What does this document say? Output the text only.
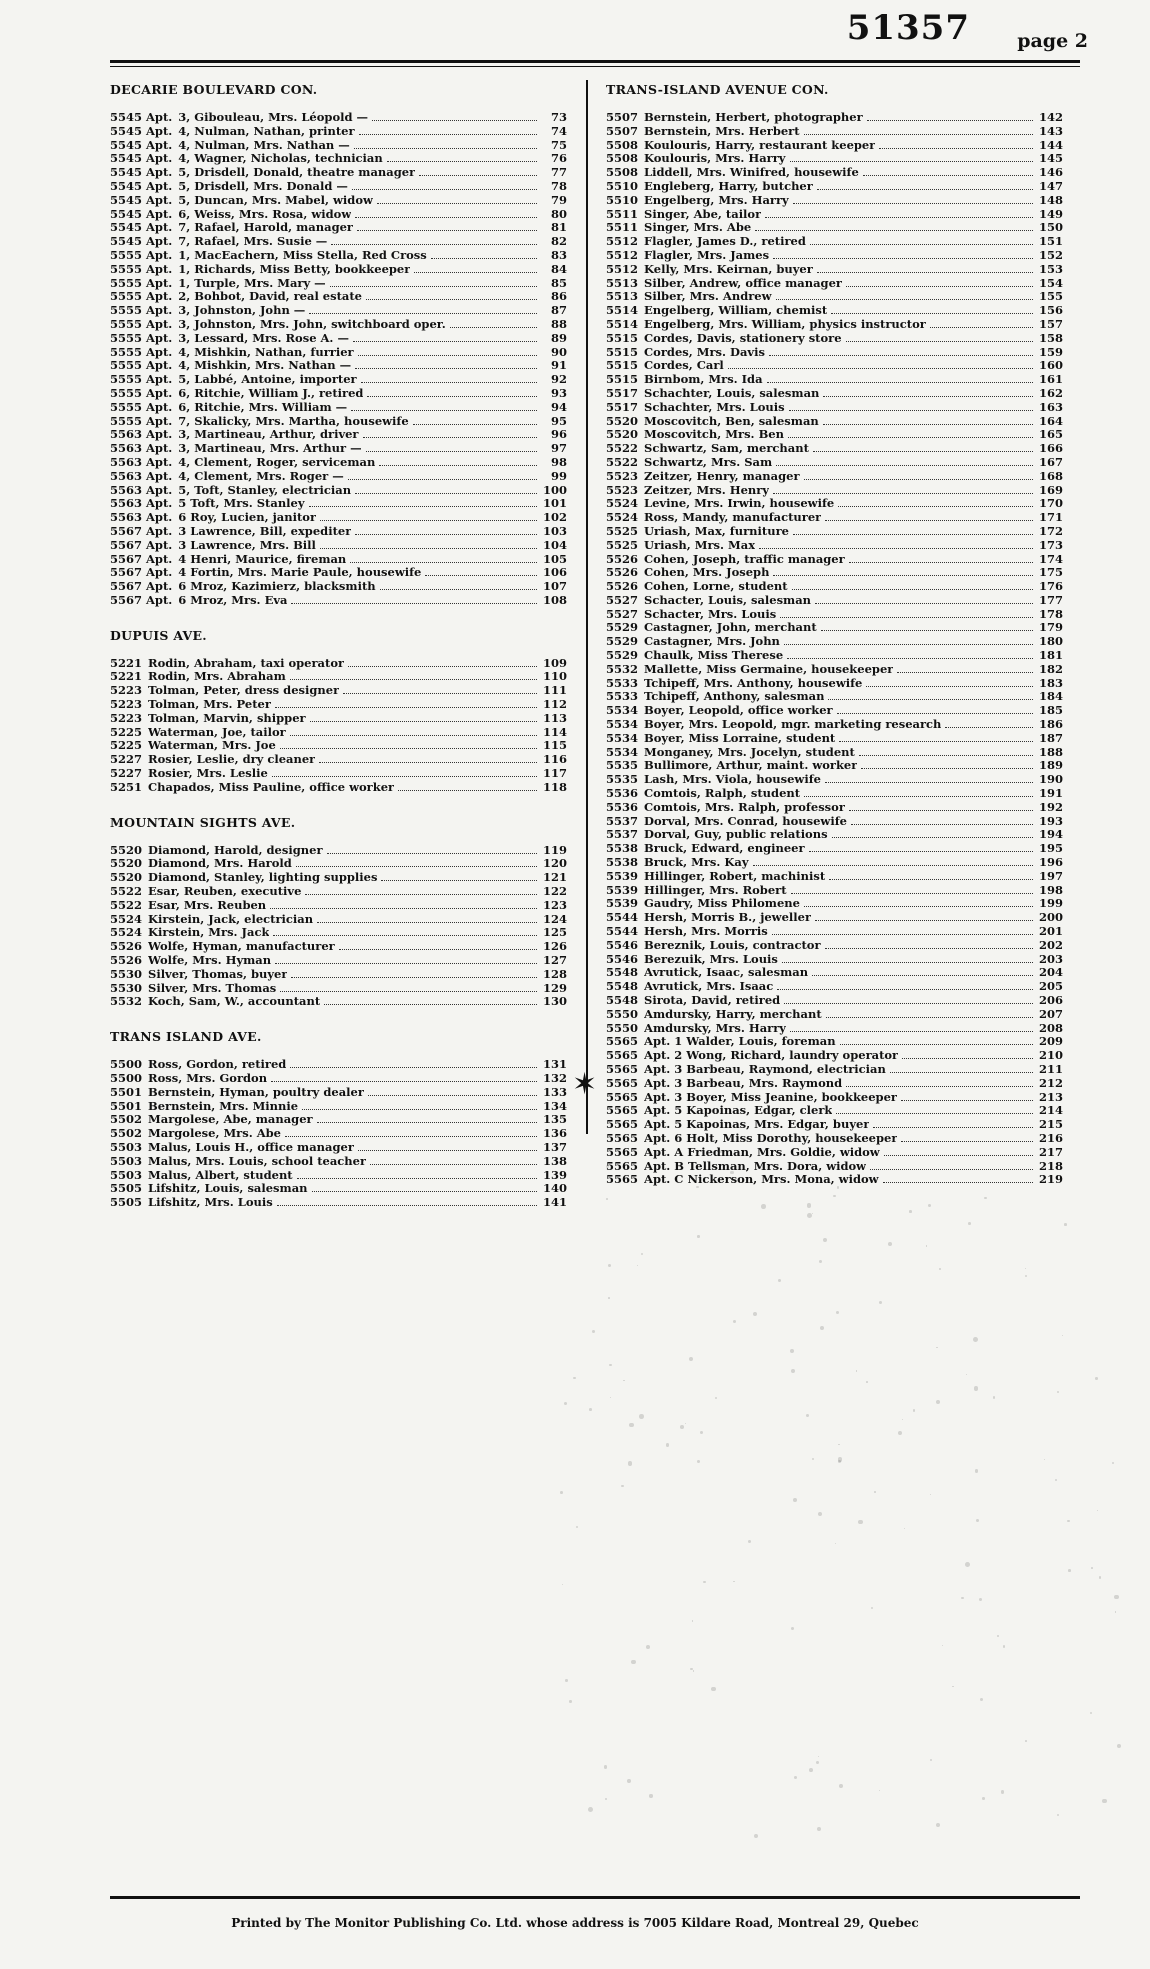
51357 page 2
DECARIE BOULEVARD CON.
5545 Apt. 3, Gibouleau, Mrs. Léopold —	73
5545 Apt. 4, Nulman, Nathan, printer	74
5545 Apt. 4, Nulman, Mrs. Nathan —	75
5545 Apt. 4, Wagner, Nicholas, technician	76
5545 Apt. 5, Drisdell, Donald, theatre manager	77
5545 Apt. 5, Drisdell, Mrs. Donald —	78
5545 Apt. 5, Duncan, Mrs. Mabel, widow	79
5545 Apt. 6, Weiss, Mrs. Rosa, widow	80
5545 Apt. 7, Rafael, Harold, manager	81
5545 Apt. 7, Rafael, Mrs. Susie —	82
5555 Apt. 1, MacEachern, Miss Stella, Red Cross	83
5555 Apt. 1, Richards, Miss Betty, bookkeeper	84
5555 Apt. 1, Turple, Mrs. Mary —	85
5555 Apt. 2, Bohbot, David, real estate	86
5555 Apt. 3, Johnston, John —	87
5555 Apt. 3, Johnston, Mrs. John, switchboard oper.	88
5555 Apt. 3, Lessard, Mrs. Rose A. —	89
5555 Apt. 4, Mishkin, Nathan, furrier	90
5555 Apt. 4, Mishkin, Mrs. Nathan —	91
5555 Apt. 5, Labbé, Antoine, importer	92
5555 Apt. 6, Ritchie, William J., retired	93
5555 Apt. 6, Ritchie, Mrs. William —	94
5555 Apt. 7, Skalicky, Mrs. Martha, housewife	95
5563 Apt. 3, Martineau, Arthur, driver	96
5563 Apt. 3, Martineau, Mrs. Arthur —	97
5563 Apt. 4, Clement, Roger, serviceman	98
5563 Apt. 4, Clement, Mrs. Roger —	99
5563 Apt. 5, Toft, Stanley, electrician	100
5563 Apt. 5 Toft, Mrs. Stanley	101
5563 Apt. 6 Roy, Lucien, janitor	102
5567 Apt. 3 Lawrence, Bill, expediter	103
5567 Apt. 3 Lawrence, Mrs. Bill	104
5567 Apt. 4 Henri, Maurice, fireman	105
5567 Apt. 4 Fortin, Mrs. Marie Paule, housewife	106
5567 Apt. 6 Mroz, Kazimierz, blacksmith	107
5567 Apt. 6 Mroz, Mrs. Eva	108
DUPUIS AVE.
5221 Rodin, Abraham, taxi operator	109
5221 Rodin, Mrs. Abraham	110
5223 Tolman, Peter, dress designer	111
5223 Tolman, Mrs. Peter	112
5223 Tolman, Marvin, shipper	113
5225 Waterman, Joe, tailor	114
5225 Waterman, Mrs. Joe	115
5227 Rosier, Leslie, dry cleaner	116
5227 Rosier, Mrs. Leslie	117
5251 Chapados, Miss Pauline, office worker	118
MOUNTAIN SIGHTS AVE.
5520 Diamond, Harold, designer	119
5520 Diamond, Mrs. Harold	120
5520 Diamond, Stanley, lighting supplies	121
5522 Esar, Reuben, executive	122
5522 Esar, Mrs. Reuben	123
5524 Kirstein, Jack, electrician	124
5524 Kirstein, Mrs. Jack	125
5526 Wolfe, Hyman, manufacturer	126
5526 Wolfe, Mrs. Hyman	127
5530 Silver, Thomas, buyer	128
5530 Silver, Mrs. Thomas	129
5532 Koch, Sam, W., accountant	130
TRANS ISLAND AVE.
5500 Ross, Gordon, retired	131
5500 Ross, Mrs. Gordon	132
5501 Bernstein, Hyman, poultry dealer	133
5501 Bernstein, Mrs. Minnie	134
5502 Margolese, Abe, manager	135
5502 Margolese, Mrs. Abe	136
5503 Malus, Louis H., office manager	137
5503 Malus, Mrs. Louis, school teacher	138
5503 Malus, Albert, student	139
5505 Lifshitz, Louis, salesman	140
5505 Lifshitz, Mrs. Louis	141
TRANS-ISLAND AVENUE CON.
5507 Bernstein, Herbert, photographer	142
5507 Bernstein, Mrs. Herbert	143
5508 Koulouris, Harry, restaurant keeper	144
5508 Koulouris, Mrs. Harry	145
5508 Liddell, Mrs. Winifred, housewife	146
5510 Engleberg, Harry, butcher	147
5510 Engelberg, Mrs. Harry	148
5511 Singer, Abe, tailor	149
5511 Singer, Mrs. Abe	150
5512 Flagler, James D., retired	151
5512 Flagler, Mrs. James	152
5512 Kelly, Mrs. Keirnan, buyer	153
5513 Silber, Andrew, office manager	154
5513 Silber, Mrs. Andrew	155
5514 Engelberg, William, chemist	156
5514 Engelberg, Mrs. William, physics instructor	157
5515 Cordes, Davis, stationery store	158
5515 Cordes, Mrs. Davis	159
5515 Cordes, Carl	160
5515 Birnbom, Mrs. Ida	161
5517 Schachter, Louis, salesman	162
5517 Schachter, Mrs. Louis	163
5520 Moscovitch, Ben, salesman	164
5520 Moscovitch, Mrs. Ben	165
5522 Schwartz, Sam, merchant	166
5522 Schwartz, Mrs. Sam	167
5523 Zeitzer, Henry, manager	168
5523 Zeitzer, Mrs. Henry	169
5524 Levine, Mrs. Irwin, housewife	170
5524 Ross, Mandy, manufacturer	171
5525 Uriash, Max, furniture	172
5525 Uriash, Mrs. Max	173
5526 Cohen, Joseph, traffic manager	174
5526 Cohen, Mrs. Joseph	175
5526 Cohen, Lorne, student	176
5527 Schacter, Louis, salesman	177
5527 Schacter, Mrs. Louis	178
5529 Castagner, John, merchant	179
5529 Castagner, Mrs. John	180
5529 Chaulk, Miss Therese	181
5532 Mallette, Miss Germaine, housekeeper	182
5533 Tchipeff, Mrs. Anthony, housewife	183
5533 Tchipeff, Anthony, salesman	184
5534 Boyer, Leopold, office worker	185
5534 Boyer, Mrs. Leopold, mgr. marketing research	186
5534 Boyer, Miss Lorraine, student	187
5534 Monganey, Mrs. Jocelyn, student	188
5535 Bullimore, Arthur, maint. worker	189
5535 Lash, Mrs. Viola, housewife	190
5536 Comtois, Ralph, student	191
5536 Comtois, Mrs. Ralph, professor	192
5537 Dorval, Mrs. Conrad, housewife	193
5537 Dorval, Guy, public relations	194
5538 Bruck, Edward, engineer	195
5538 Bruck, Mrs. Kay	196
5539 Hillinger, Robert, machinist	197
5539 Hillinger, Mrs. Robert	198
5539 Gaudry, Miss Philomene	199
5544 Hersh, Morris B., jeweller	200
5544 Hersh, Mrs. Morris	201
5546 Bereznik, Louis, contractor	202
5546 Berezuik, Mrs. Louis	203
5548 Avrutick, Isaac, salesman	204
5548 Avrutick, Mrs. Isaac	205
5548 Sirota, David, retired	206
5550 Amdursky, Harry, merchant	207
5550 Amdursky, Mrs. Harry	208
5565 Apt. 1 Walder, Louis, foreman	209
5565 Apt. 2 Wong, Richard, laundry operator	210
5565 Apt. 3 Barbeau, Raymond, electrician	211
5565 Apt. 3 Barbeau, Mrs. Raymond	212
5565 Apt. 3 Boyer, Miss Jeanine, bookkeeper	213
5565 Apt. 5 Kapoinas, Edgar, clerk	214
5565 Apt. 5 Kapoinas, Mrs. Edgar, buyer	215
5565 Apt. 6 Holt, Miss Dorothy, housekeeper	216
5565 Apt. A Friedman, Mrs. Goldie, widow	217
5565 Apt. B Tellsman, Mrs. Dora, widow	218
5565 Apt. C Nickerson, Mrs. Mona, widow	219
✶
Printed by The Monitor Publishing Co. Ltd. whose address is 7005 Kildare Road, Montreal 29, Quebec
